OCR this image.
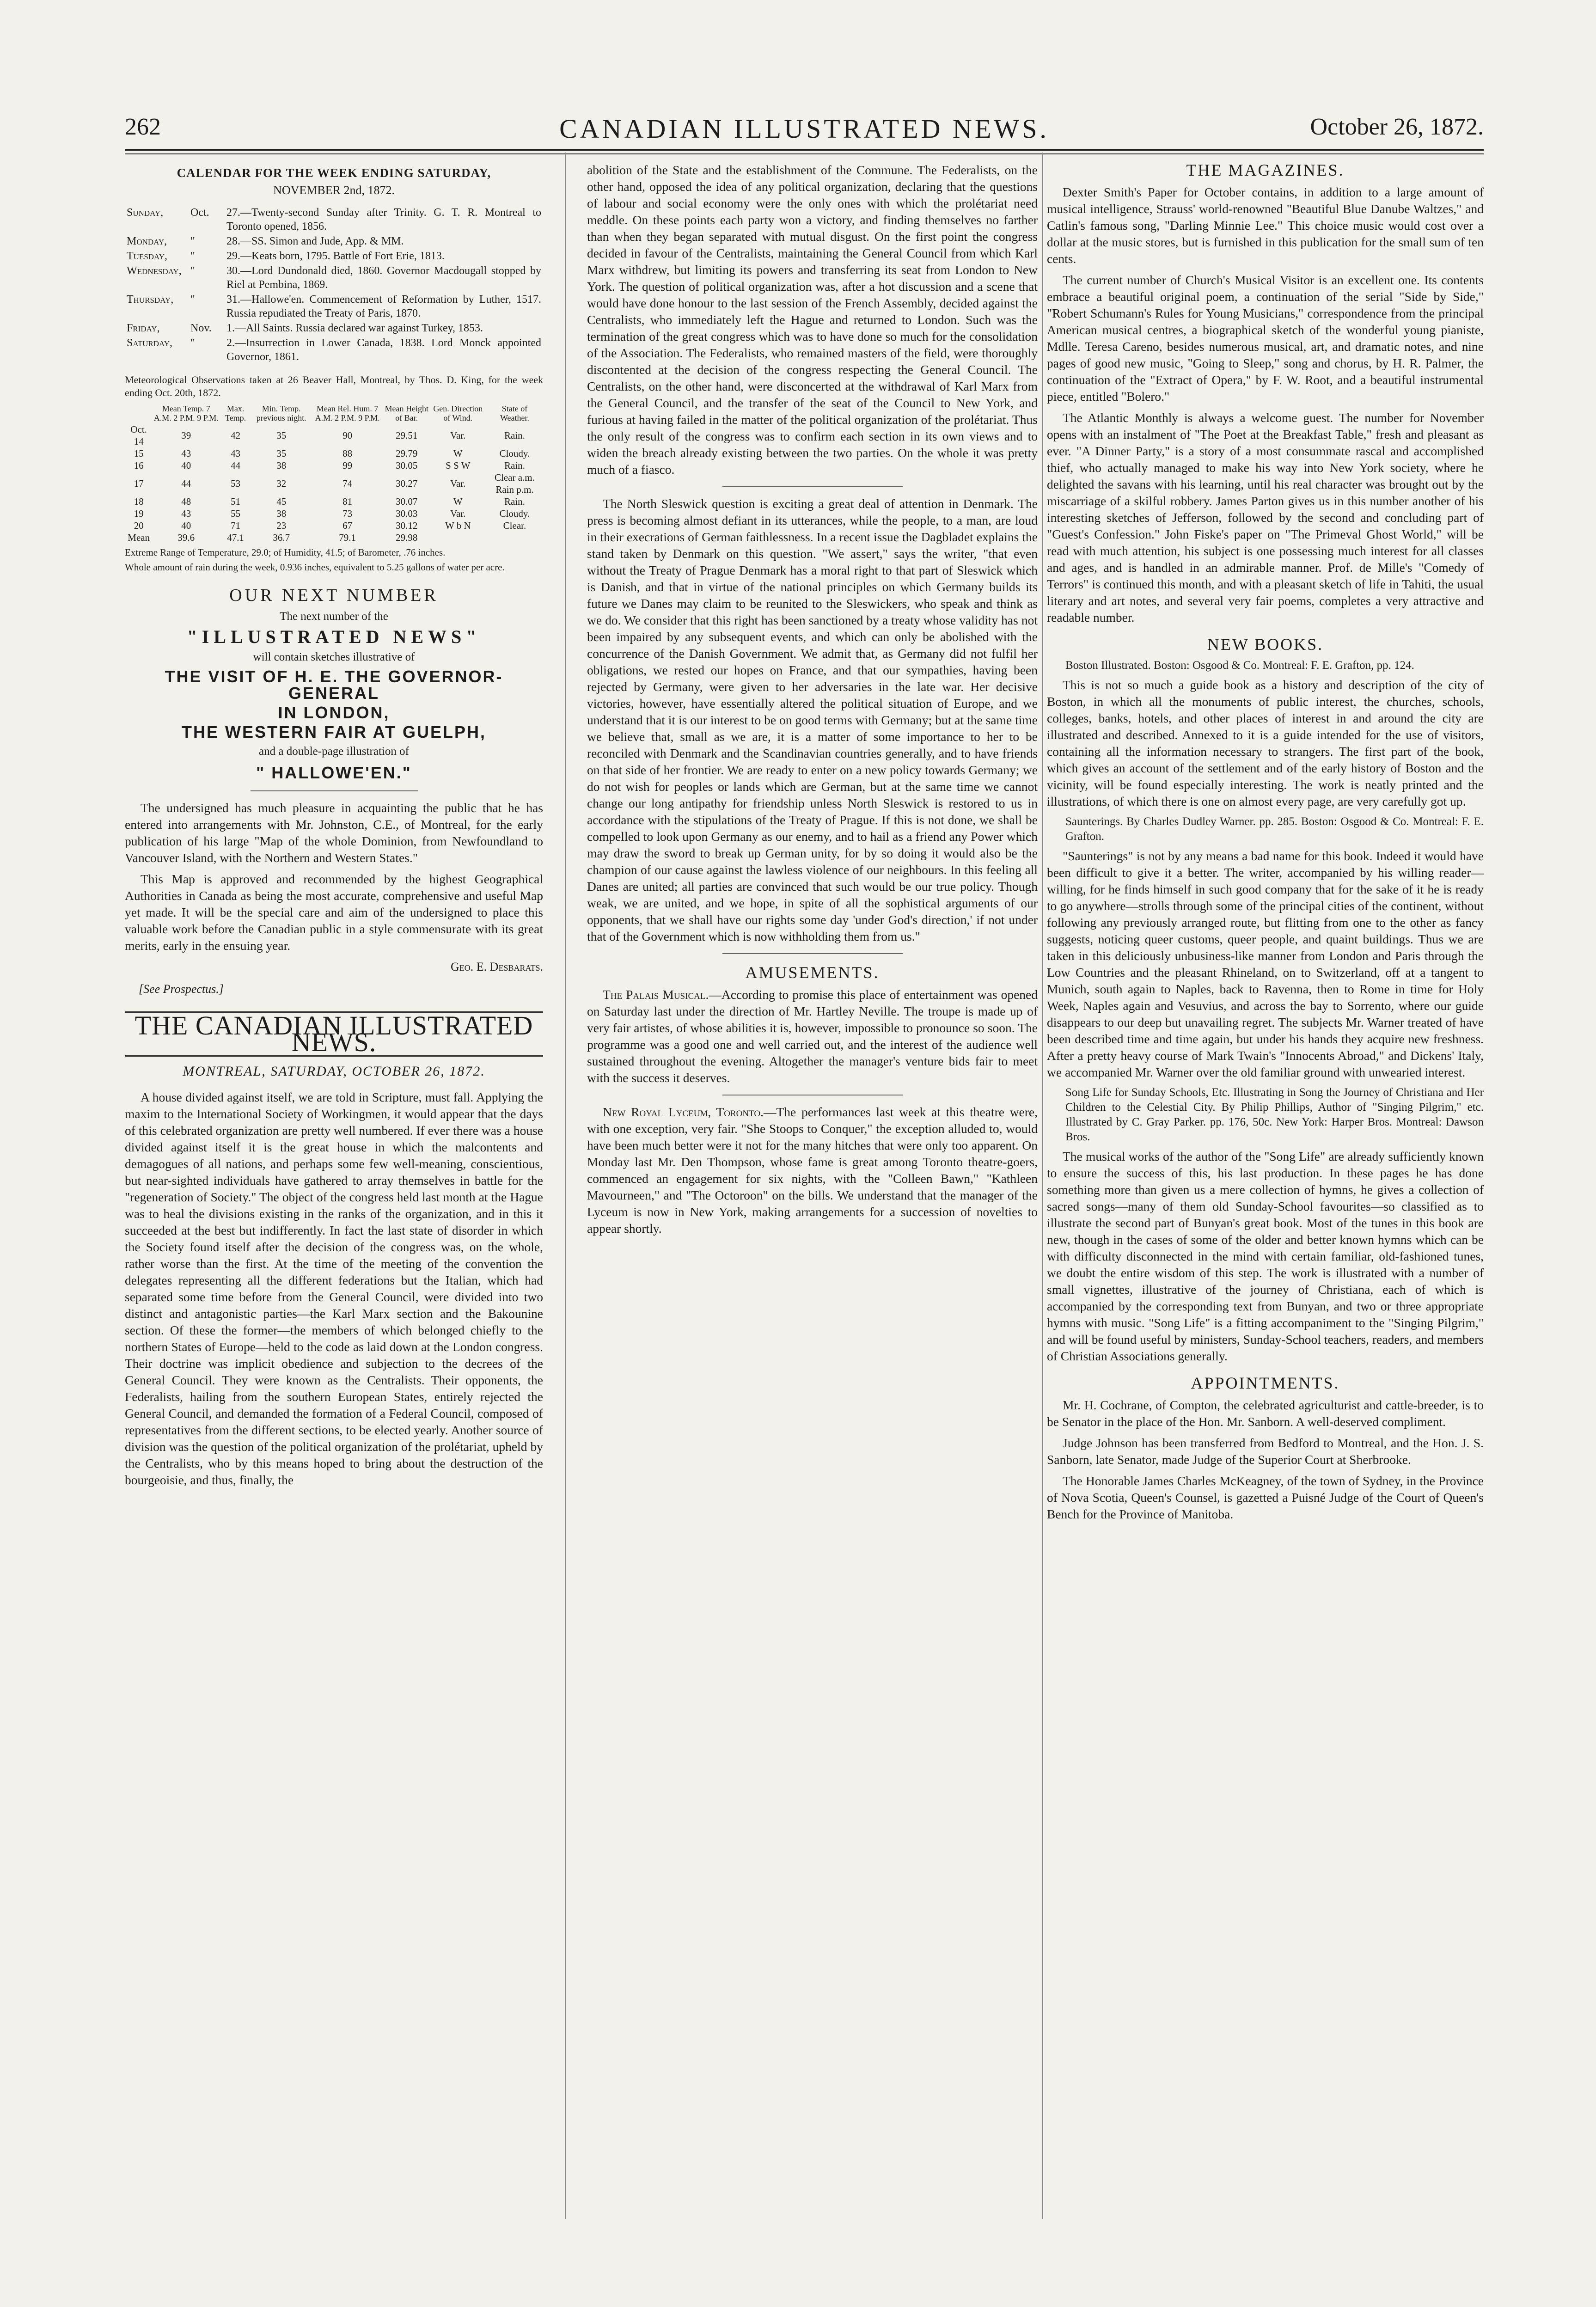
262	CANADIAN ILLUSTRATED NEWS.	October 26, 1872.
CALENDAR FOR THE WEEK ENDING SATURDAY,
NOVEMBER 2nd, 1872.
Sunday,	Oct.	27.—Twenty-second Sunday after Trinity. G. T. R. Montreal to Toronto opened, 1856.
Monday,	"	28.—SS. Simon and Jude, App. & MM.
Tuesday,	"	29.—Keats born, 1795. Battle of Fort Erie, 1813.
Wednesday,	"	30.—Lord Dundonald died, 1860. Governor Macdougall stopped by Riel at Pembina, 1869.
Thursday,	"	31.—Hallowe'en. Commencement of Reformation by Luther, 1517. Russia repudiated the Treaty of Paris, 1870.
Friday,	Nov.	1.—All Saints. Russia declared war against Turkey, 1853.
Saturday,	"	2.—Insurrection in Lower Canada, 1838. Lord Monck appointed Governor, 1861.
Meteorological Observations taken at 26 Beaver Hall, Montreal, by Thos. D. King, for the week ending Oct. 20th, 1872.
	Mean Temp. 7 A.M. 2 P.M. 9 P.M.	Max. Temp.	Min. Temp. previous night.	Mean Rel. Hum. 7 A.M. 2 P.M. 9 P.M.	Mean Height of Bar.	Gen. Direction of Wind.	State of Weather.
Oct. 14	39	42	35	90	29.51	Var.	Rain.
15	43	43	35	88	29.79	W	Cloudy.
16	40	44	38	99	30.05	S S W	Rain.
17	44	53	32	74	30.27	Var.	Clear a.m. Rain p.m.
18	48	51	45	81	30.07	W	Rain.
19	43	55	38	73	30.03	Var.	Cloudy.
20	40	71	23	67	30.12	W b N	Clear.
Mean	39.6	47.1	36.7	79.1	29.98		
Extreme Range of Temperature, 29.0; of Humidity, 41.5; of Barometer, .76 inches.
Whole amount of rain during the week, 0.936 inches, equivalent to 5.25 gallons of water per acre.
OUR NEXT NUMBER
The next number of the
"ILLUSTRATED NEWS"
will contain sketches illustrative of
THE VISIT OF H. E. THE GOVERNOR-GENERAL
IN LONDON,
THE WESTERN FAIR AT GUELPH,
and a double-page illustration of
" HALLOWE'EN."

The undersigned has much pleasure in acquainting the public that he has entered into arrangements with Mr. Johnston, C.E., of Montreal, for the early publication of his large "Map of the whole Dominion, from Newfoundland to Vancouver Island, with the Northern and Western States."

This Map is approved and recommended by the highest Geographical Authorities in Canada as being the most accurate, comprehensive and useful Map yet made. It will be the special care and aim of the undersigned to place this valuable work before the Canadian public in a style commensurate with its great merits, early in the ensuing year.

Geo. E. Desbarats.
[See Prospectus.]
THE CANADIAN ILLUSTRATED NEWS.
MONTREAL, SATURDAY, OCTOBER 26, 1872.

A house divided against itself, we are told in Scripture, must fall. Applying the maxim to the International Society of Workingmen, it would appear that the days of this celebrated organization are pretty well numbered. If ever there was a house divided against itself it is the great house in which the malcontents and demagogues of all nations, and perhaps some few well-meaning, conscientious, but near-sighted individuals have gathered to array themselves in battle for the "regeneration of Society." The object of the congress held last month at the Hague was to heal the divisions existing in the ranks of the organization, and in this it succeeded at the best but indifferently. In fact the last state of disorder in which the Society found itself after the decision of the congress was, on the whole, rather worse than the first. At the time of the meeting of the convention the delegates representing all the different federations but the Italian, which had separated some time before from the General Council, were divided into two distinct and antagonistic parties—the Karl Marx section and the Bakounine section. Of these the former—the members of which belonged chiefly to the northern States of Europe—held to the code as laid down at the London congress. Their doctrine was implicit obedience and subjection to the decrees of the General Council. They were known as the Centralists. Their opponents, the Federalists, hailing from the southern European States, entirely rejected the General Council, and demanded the formation of a Federal Council, composed of representatives from the different sections, to be elected yearly. Another source of division was the question of the political organization of the prolétariat, upheld by the Centralists, who by this means hoped to bring about the destruction of the bourgeoisie, and thus, finally, the

abolition of the State and the establishment of the Commune. The Federalists, on the other hand, opposed the idea of any political organization, declaring that the questions of labour and social economy were the only ones with which the prolétariat need meddle. On these points each party won a victory, and finding themselves no farther than when they began separated with mutual disgust. On the first point the congress decided in favour of the Centralists, maintaining the General Council from which Karl Marx withdrew, but limiting its powers and transferring its seat from London to New York. The question of political organization was, after a hot discussion and a scene that would have done honour to the last session of the French Assembly, decided against the Centralists, who immediately left the Hague and returned to London. Such was the termination of the great congress which was to have done so much for the consolidation of the Association. The Federalists, who remained masters of the field, were thoroughly discontented at the decision of the congress respecting the General Council. The Centralists, on the other hand, were disconcerted at the withdrawal of Karl Marx from the General Council, and the transfer of the seat of the Council to New York, and furious at having failed in the matter of the political organization of the prolétariat. Thus the only result of the congress was to confirm each section in its own views and to widen the breach already existing between the two parties. On the whole it was pretty much of a fiasco.

The North Sleswick question is exciting a great deal of attention in Denmark. The press is becoming almost defiant in its utterances, while the people, to a man, are loud in their execrations of German faithlessness. In a recent issue the Dagbladet explains the stand taken by Denmark on this question. "We assert," says the writer, "that even without the Treaty of Prague Denmark has a moral right to that part of Sleswick which is Danish, and that in virtue of the national principles on which Germany builds its future we Danes may claim to be reunited to the Sleswickers, who speak and think as we do. We consider that this right has been sanctioned by a treaty whose validity has not been impaired by any subsequent events, and which can only be abolished with the concurrence of the Danish Government. We admit that, as Germany did not fulfil her obligations, we rested our hopes on France, and that our sympathies, having been rejected by Germany, were given to her adversaries in the late war. Her decisive victories, however, have essentially altered the political situation of Europe, and we understand that it is our interest to be on good terms with Germany; but at the same time we believe that, small as we are, it is a matter of some importance to her to be reconciled with Denmark and the Scandinavian countries generally, and to have friends on that side of her frontier. We are ready to enter on a new policy towards Germany; we do not wish for peoples or lands which are German, but at the same time we cannot change our long antipathy for friendship unless North Sleswick is restored to us in accordance with the stipulations of the Treaty of Prague. If this is not done, we shall be compelled to look upon Germany as our enemy, and to hail as a friend any Power which may draw the sword to break up German unity, for by so doing it would also be the champion of our cause against the lawless violence of our neighbours. In this feeling all Danes are united; all parties are convinced that such would be our true policy. Though weak, we are united, and we hope, in spite of all the sophistical arguments of our opponents, that we shall have our rights some day 'under God's direction,' if not under that of the Government which is now withholding them from us."

AMUSEMENTS.

The Palais Musical.—According to promise this place of entertainment was opened on Saturday last under the direction of Mr. Hartley Neville. The troupe is made up of very fair artistes, of whose abilities it is, however, impossible to pronounce so soon. The programme was a good one and well carried out, and the interest of the audience well sustained throughout the evening. Altogether the manager's venture bids fair to meet with the success it deserves.

New Royal Lyceum, Toronto.—The performances last week at this theatre were, with one exception, very fair. "She Stoops to Conquer," the exception alluded to, would have been much better were it not for the many hitches that were only too apparent. On Monday last Mr. Den Thompson, whose fame is great among Toronto theatre-goers, commenced an engagement for six nights, with the "Colleen Bawn," "Kathleen Mavourneen," and "The Octoroon" on the bills. We understand that the manager of the Lyceum is now in New York, making arrangements for a succession of novelties to appear shortly.

THE MAGAZINES.

Dexter Smith's Paper for October contains, in addition to a large amount of musical intelligence, Strauss' world-renowned "Beautiful Blue Danube Waltzes," and Catlin's famous song, "Darling Minnie Lee." This choice music would cost over a dollar at the music stores, but is furnished in this publication for the small sum of ten cents.

The current number of Church's Musical Visitor is an excellent one. Its contents embrace a beautiful original poem, a continuation of the serial "Side by Side," "Robert Schumann's Rules for Young Musicians," correspondence from the principal American musical centres, a biographical sketch of the wonderful young pianiste, Mdlle. Teresa Careno, besides numerous musical, art, and dramatic notes, and nine pages of good new music, "Going to Sleep," song and chorus, by H. R. Palmer, the continuation of the "Extract of Opera," by F. W. Root, and a beautiful instrumental piece, entitled "Bolero."

The Atlantic Monthly is always a welcome guest. The number for November opens with an instalment of "The Poet at the Breakfast Table," fresh and pleasant as ever. "A Dinner Party," is a story of a most consummate rascal and accomplished thief, who actually managed to make his way into New York society, where he delighted the savans with his learning, until his real character was brought out by the miscarriage of a skilful robbery. James Parton gives us in this number another of his interesting sketches of Jefferson, followed by the second and concluding part of "Guest's Confession." John Fiske's paper on "The Primeval Ghost World," will be read with much attention, his subject is one possessing much interest for all classes and ages, and is handled in an admirable manner. Prof. de Mille's "Comedy of Terrors" is continued this month, and with a pleasant sketch of life in Tahiti, the usual literary and art notes, and several very fair poems, completes a very attractive and readable number.

NEW BOOKS.
Boston Illustrated. Boston: Osgood & Co. Montreal: F. E. Grafton, pp. 124.

This is not so much a guide book as a history and description of the city of Boston, in which all the monuments of public interest, the churches, schools, colleges, banks, hotels, and other places of interest in and around the city are illustrated and described. Annexed to it is a guide intended for the use of visitors, containing all the information necessary to strangers. The first part of the book, which gives an account of the settlement and of the early history of Boston and the vicinity, will be found especially interesting. The work is neatly printed and the illustrations, of which there is one on almost every page, are very carefully got up.

Saunterings. By Charles Dudley Warner. pp. 285. Boston: Osgood & Co. Montreal: F. E. Grafton.

"Saunterings" is not by any means a bad name for this book. Indeed it would have been difficult to give it a better. The writer, accompanied by his willing reader—willing, for he finds himself in such good company that for the sake of it he is ready to go anywhere—strolls through some of the principal cities of the continent, without following any previously arranged route, but flitting from one to the other as fancy suggests, noticing queer customs, queer people, and quaint buildings. Thus we are taken in this deliciously unbusiness-like manner from London and Paris through the Low Countries and the pleasant Rhineland, on to Switzerland, off at a tangent to Munich, south again to Naples, back to Ravenna, then to Rome in time for Holy Week, Naples again and Vesuvius, and across the bay to Sorrento, where our guide disappears to our deep but unavailing regret. The subjects Mr. Warner treated of have been described time and time again, but under his hands they acquire new freshness. After a pretty heavy course of Mark Twain's "Innocents Abroad," and Dickens' Italy, we accompanied Mr. Warner over the old familiar ground with unwearied interest.

Song Life for Sunday Schools, Etc. Illustrating in Song the Journey of Christiana and Her Children to the Celestial City. By Philip Phillips, Author of "Singing Pilgrim," etc. Illustrated by C. Gray Parker. pp. 176, 50c. New York: Harper Bros. Montreal: Dawson Bros.

The musical works of the author of the "Song Life" are already sufficiently known to ensure the success of this, his last production. In these pages he has done something more than given us a mere collection of hymns, he gives a collection of sacred songs—many of them old Sunday-School favourites—so classified as to illustrate the second part of Bunyan's great book. Most of the tunes in this book are new, though in the cases of some of the older and better known hymns which can be with difficulty disconnected in the mind with certain familiar, old-fashioned tunes, we doubt the entire wisdom of this step. The work is illustrated with a number of small vignettes, illustrative of the journey of Christiana, each of which is accompanied by the corresponding text from Bunyan, and two or three appropriate hymns with music. "Song Life" is a fitting accompaniment to the "Singing Pilgrim," and will be found useful by ministers, Sunday-School teachers, readers, and members of Christian Associations generally.

APPOINTMENTS.

Mr. H. Cochrane, of Compton, the celebrated agriculturist and cattle-breeder, is to be Senator in the place of the Hon. Mr. Sanborn. A well-deserved compliment.

Judge Johnson has been transferred from Bedford to Montreal, and the Hon. J. S. Sanborn, late Senator, made Judge of the Superior Court at Sherbrooke.

The Honorable James Charles McKeagney, of the town of Sydney, in the Province of Nova Scotia, Queen's Counsel, is gazetted a Puisné Judge of the Court of Queen's Bench for the Province of Manitoba.
